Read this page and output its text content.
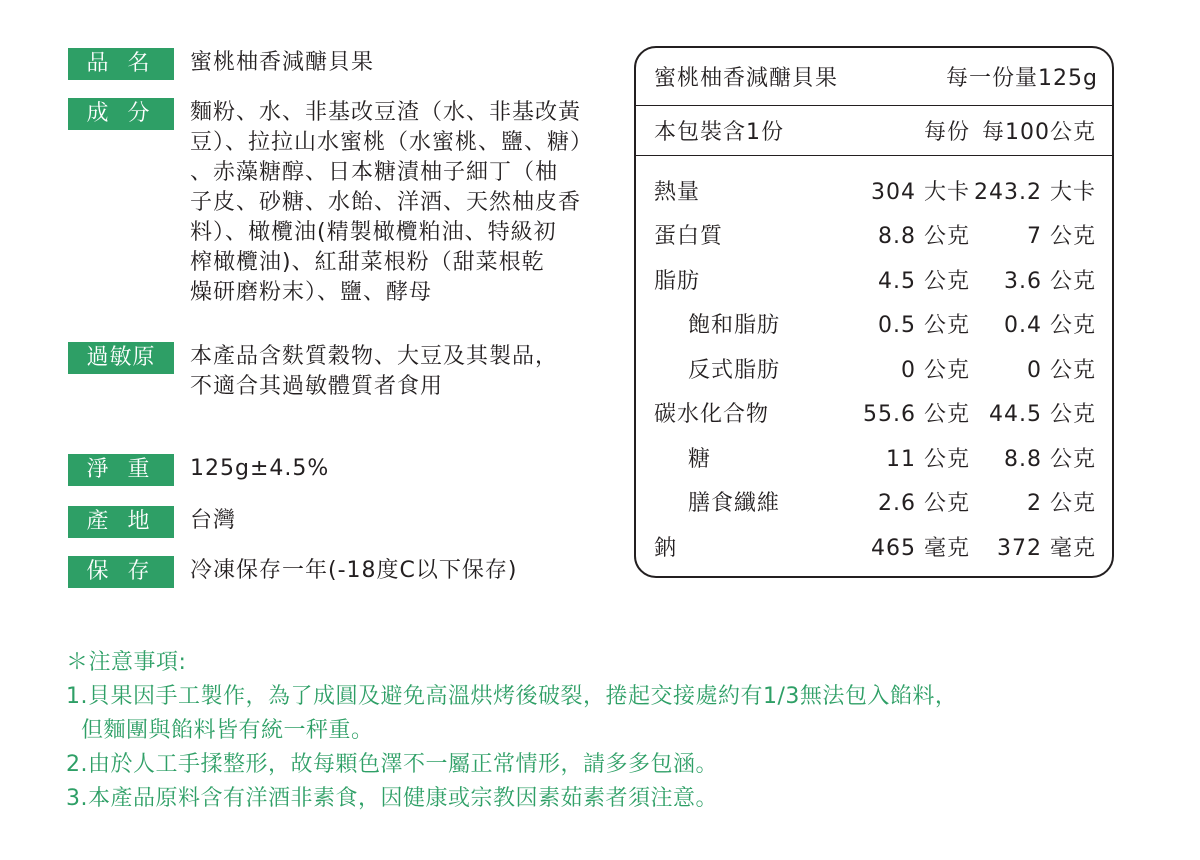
品 名	蜜桃柚香減醣貝果
成 分	麵粉、水、非基改豆渣（水、非基改黃
豆）、拉拉山水蜜桃（水蜜桃、鹽、糖）
、赤藻糖醇、日本糖漬柚子細丁（柚
子皮、砂糖、水飴、洋酒、天然柚皮香
料）、橄欖油(精製橄欖粕油、特級初
榨橄欖油)、紅甜菜根粉（甜菜根乾
燥研磨粉末）、鹽、酵母
過敏原	本產品含麩質穀物、大豆及其製品，
不適合其過敏體質者食用
淨 重	125g±4.5%
產 地	台灣
保 存	冷凍保存一年(-18度C以下保存)
蜜桃柚香減醣貝果	每一份量125g
本包裝含1份	每份 每100公克
熱量	304 大卡 243.2 大卡
蛋白質	8.8 公克	7 公克
脂肪	4.5 公克	3.6 公克
飽和脂肪	0.5 公克	0.4 公克
反式脂肪	0 公克	0 公克
碳水化合物	55.6 公克 44.5 公克
糖	11 公克	8.8 公克
膳食纖維	2.6 公克	2 公克
鈉	465 毫克	372 毫克
＊注意事項:
1.貝果因手工製作，為了成圓及避免高溫烘烤後破裂，捲起交接處約有1/3無法包入餡料，
但麵團與餡料皆有統一秤重。
2.由於人工手揉整形，故每顆色澤不一屬正常情形，請多多包涵。
3.本產品原料含有洋酒非素食，因健康或宗教因素茹素者須注意。
